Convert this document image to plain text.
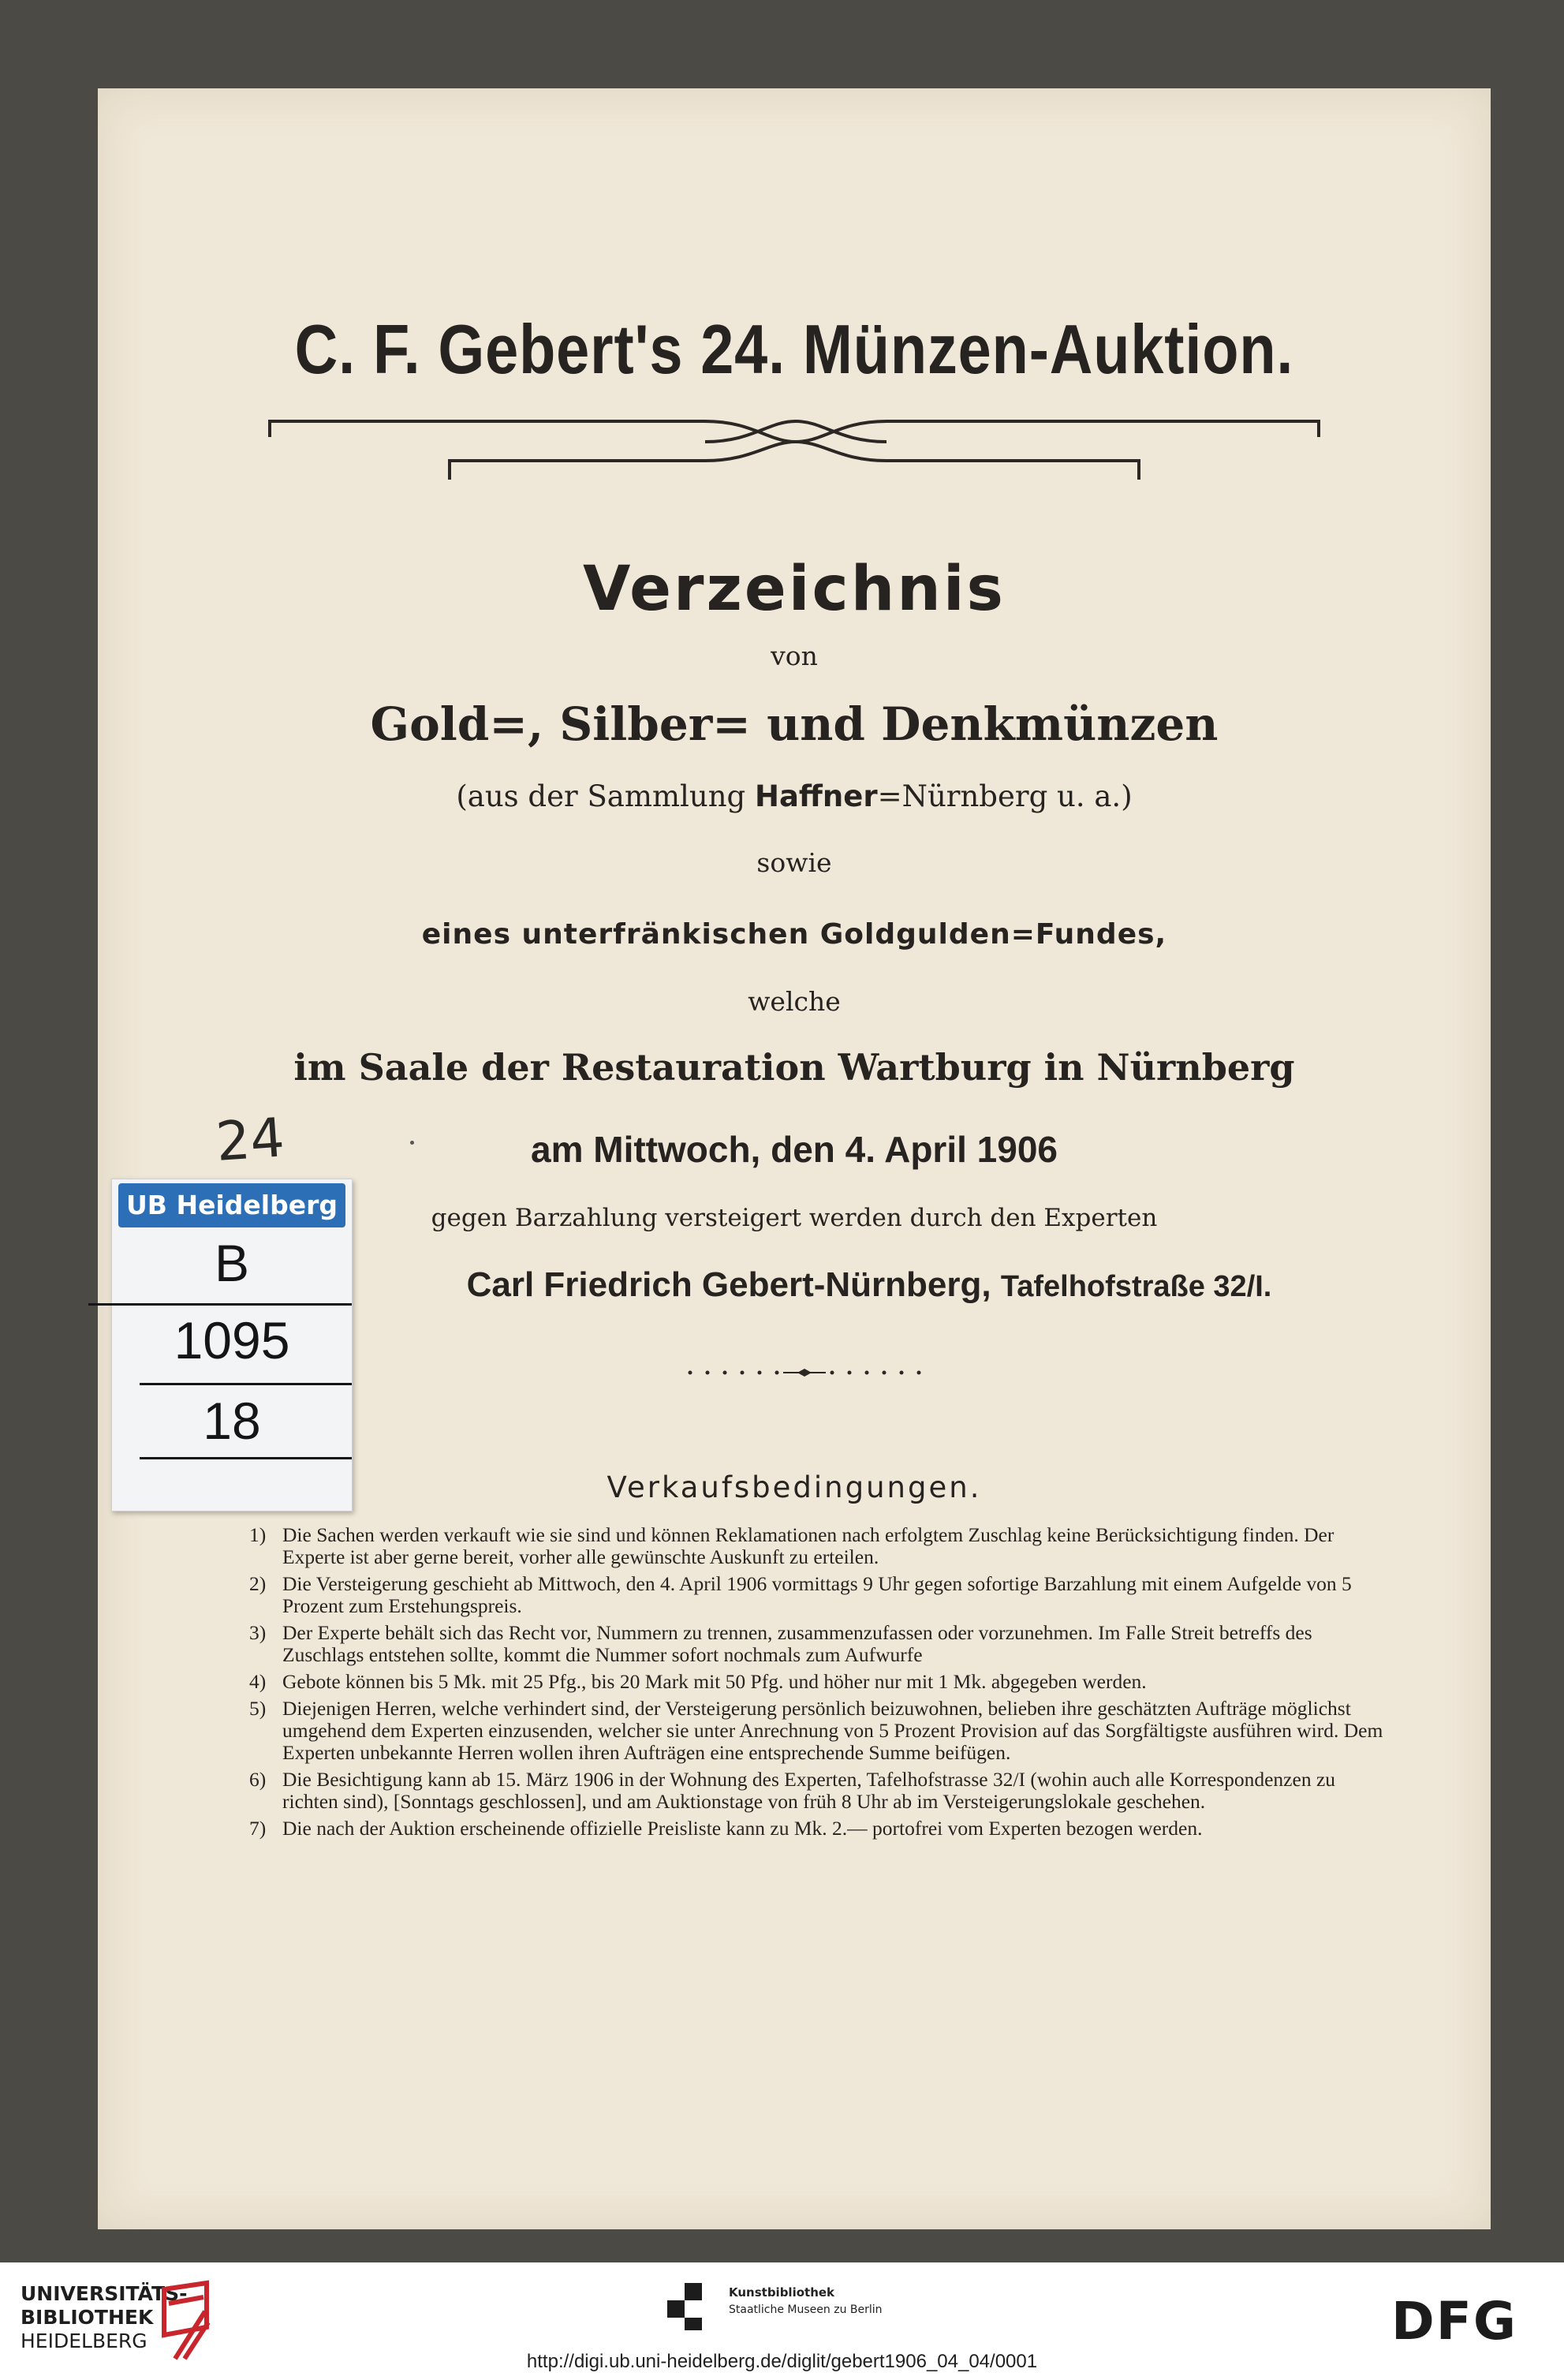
C. F. Gebert's 24. Münzen-Auktion.
Verzeichnis
von
Gold=, Silber= und Denkmünzen
(aus der Sammlung Haffner=Nürnberg u. a.)
sowie
eines unterfränkischen Goldgulden=Fundes,
welche
im Saale der Restauration Wartburg in Nürnberg
am Mittwoch, den 4. April 1906
gegen Barzahlung versteigert werden durch den Experten
Carl Friedrich Gebert-Nürnberg, Tafelhofstraße 32/I.
Verkaufsbedingungen.
1) Die Sachen werden verkauft wie sie sind und können Reklamationen nach erfolgtem Zuschlag keine Berücksichtigung finden. Der Experte ist aber gerne bereit, vorher alle gewünschte Auskunft zu erteilen.
2) Die Versteigerung geschieht ab Mittwoch, den 4. April 1906 vormittags 9 Uhr gegen sofortige Barzahlung mit einem Aufgelde von 5 Prozent zum Erstehungspreis.
3) Der Experte behält sich das Recht vor, Nummern zu trennen, zusammenzufassen oder vorzunehmen. Im Falle Streit betreffs des Zuschlags entstehen sollte, kommt die Nummer sofort nochmals zum Aufwurfe
4) Gebote können bis 5 Mk. mit 25 Pfg., bis 20 Mark mit 50 Pfg. und höher nur mit 1 Mk. abgegeben werden.
5) Diejenigen Herren, welche verhindert sind, der Versteigerung persönlich beizuwohnen, belieben ihre geschätzten Aufträge möglichst umgehend dem Experten einzusenden, welcher sie unter Anrechnung von 5 Prozent Provision auf das Sorgfältigste ausführen wird. Dem Experten unbekannte Herren wollen ihren Aufträgen eine entsprechende Summe beifügen.
6) Die Besichtigung kann ab 15. März 1906 in der Wohnung des Experten, Tafelhofstrasse 32/I (wohin auch alle Korrespondenzen zu richten sind), [Sonntags geschlossen], und am Auktionstage von früh 8 Uhr ab im Versteigerungslokale geschehen.
7) Die nach der Auktion erscheinende offizielle Preisliste kann zu Mk. 2.— portofrei vom Experten bezogen werden.
24
UB Heidelberg
B
1095
18
UNIVERSITÄTS-
BIBLIOTHEK
HEIDELBERG
Kunstbibliothek
Staatliche Museen zu Berlin	DFG
http://digi.ub.uni-heidelberg.de/diglit/gebert1906_04_04/0001
